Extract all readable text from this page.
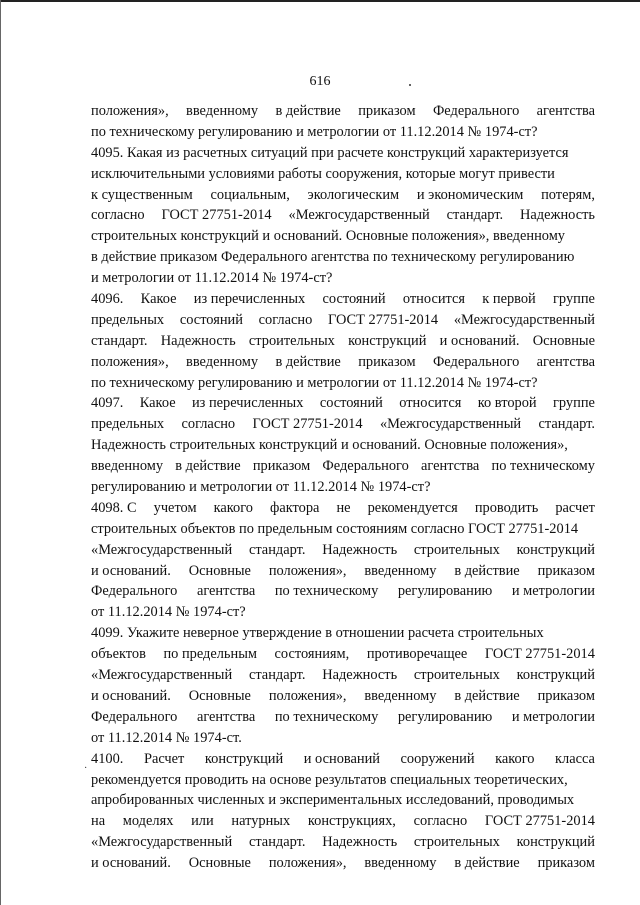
616
·
положения», введенному в действие приказом Федерального агентства
по техническому регулированию и метрологии от 11.12.2014 № 1974-ст?
4095. Какая из расчетных ситуаций при расчете конструкций характеризуется
исключительными условиями работы сооружения, которые могут привести
к существенным социальным, экологическим и экономическим потерям,
согласно ГОСТ 27751-2014 «Межгосударственный стандарт. Надежность
строительных конструкций и оснований. Основные положения», введенному
в действие приказом Федерального агентства по техническому регулированию
и метрологии от 11.12.2014 № 1974-ст?
4096. Какое из перечисленных состояний относится к первой группе
предельных состояний согласно ГОСТ 27751-2014 «Межгосударственный
стандарт. Надежность строительных конструкций и оснований. Основные
положения», введенному в действие приказом Федерального агентства
по техническому регулированию и метрологии от 11.12.2014 № 1974-ст?
4097. Какое из перечисленных состояний относится ко второй группе
предельных согласно ГОСТ 27751-2014 «Межгосударственный стандарт.
Надежность строительных конструкций и оснований. Основные положения»,
введенному в действие приказом Федерального агентства по техническому
регулированию и метрологии от 11.12.2014 № 1974-ст?
4098. С учетом какого фактора не рекомендуется проводить расчет
строительных объектов по предельным состояниям согласно ГОСТ 27751-2014
«Межгосударственный стандарт. Надежность строительных конструкций
и оснований. Основные положения», введенному в действие приказом
Федерального агентства по техническому регулированию и метрологии
от 11.12.2014 № 1974-ст?
4099. Укажите неверное утверждение в отношении расчета строительных
объектов по предельным состояниям, противоречащее ГОСТ 27751-2014
«Межгосударственный стандарт. Надежность строительных конструкций
и оснований. Основные положения», введенному в действие приказом
Федерального агентства по техническому регулированию и метрологии
от 11.12.2014 № 1974-ст.
4100. Расчет конструкций и оснований сооружений какого класса
рекомендуется проводить на основе результатов специальных теоретических,
апробированных численных и экспериментальных исследований, проводимых
на моделях или натурных конструкциях, согласно ГОСТ 27751-2014
«Межгосударственный стандарт. Надежность строительных конструкций
и оснований. Основные положения», введенному в действие приказом
